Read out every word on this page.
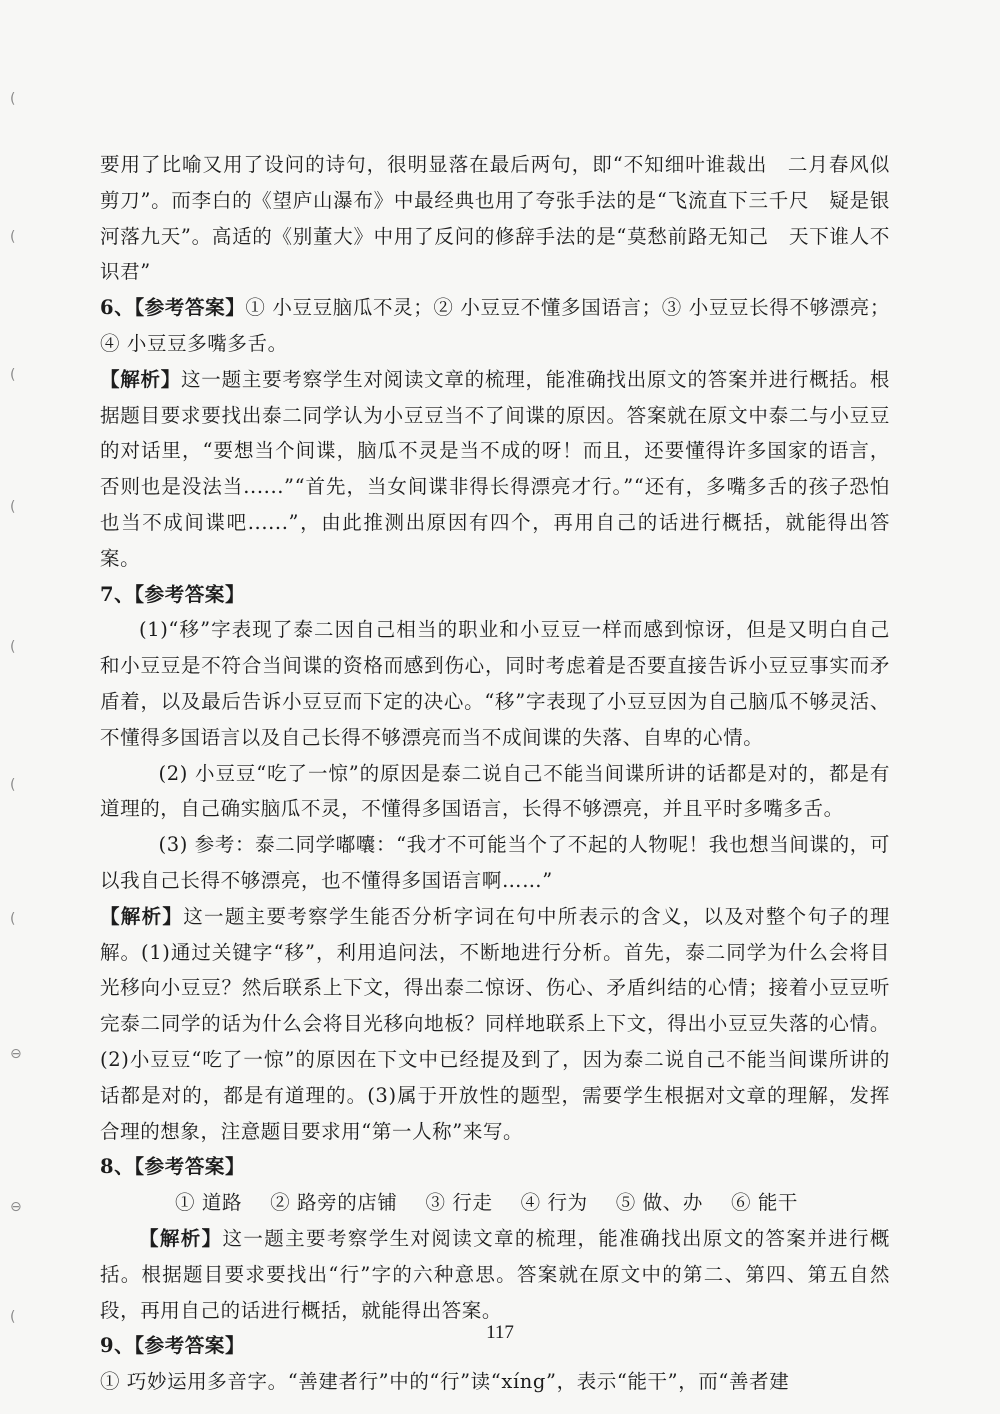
(
(
(
(
(
(
(
⊖
⊖
(

要用了比喻又用了设问的诗句，很明显落在最后两句，即“不知细叶谁裁出　二月春风似剪刀”。而李白的《望庐山瀑布》中最经典也用了夸张手法的是“飞流直下三千尺　疑是银河落九天”。高适的《别董大》中用了反问的修辞手法的是“莫愁前路无知己　天下谁人不识君”

6、【参考答案】① 小豆豆脑瓜不灵；② 小豆豆不懂多国语言；③ 小豆豆长得不够漂亮； ④ 小豆豆多嘴多舌。

【解析】这一题主要考察学生对阅读文章的梳理，能准确找出原文的答案并进行概括。根据题目要求要找出泰二同学认为小豆豆当不了间谍的原因。答案就在原文中泰二与小豆豆的对话里，“要想当个间谍，脑瓜不灵是当不成的呀！而且，还要懂得许多国家的语言，否则也是没法当......”“首先，当女间谍非得长得漂亮才行。”“还有，多嘴多舌的孩子恐怕也当不成间谍吧......”，由此推测出原因有四个，再用自己的话进行概括，就能得出答案。

7、【参考答案】

(1)“移”字表现了泰二因自己相当的职业和小豆豆一样而感到惊讶，但是又明白自己和小豆豆是不符合当间谍的资格而感到伤心，同时考虑着是否要直接告诉小豆豆事实而矛盾着，以及最后告诉小豆豆而下定的决心。“移”字表现了小豆豆因为自己脑瓜不够灵活、不懂得多国语言以及自己长得不够漂亮而当不成间谍的失落、自卑的心情。

(2) 小豆豆“吃了一惊”的原因是泰二说自己不能当间谍所讲的话都是对的，都是有道理的，自己确实脑瓜不灵，不懂得多国语言，长得不够漂亮，并且平时多嘴多舌。

(3) 参考：泰二同学嘟囔：“我才不可能当个了不起的人物呢！我也想当间谍的，可以我自己长得不够漂亮，也不懂得多国语言啊……”

【解析】这一题主要考察学生能否分析字词在句中所表示的含义，以及对整个句子的理解。(1)通过关键字“移”，利用追问法，不断地进行分析。首先，泰二同学为什么会将目光移向小豆豆？然后联系上下文，得出泰二惊讶、伤心、矛盾纠结的心情；接着小豆豆听完泰二同学的话为什么会将目光移向地板？同样地联系上下文，得出小豆豆失落的心情。 (2)小豆豆“吃了一惊”的原因在下文中已经提及到了，因为泰二说自己不能当间谍所讲的话都是对的，都是有道理的。(3)属于开放性的题型，需要学生根据对文章的理解，发挥合理的想象，注意题目要求用“第一人称”来写。

8、【参考答案】

① 道路 ② 路旁的店铺 ③ 行走 ④ 行为 ⑤ 做、办 ⑥ 能干

【解析】这一题主要考察学生对阅读文章的梳理，能准确找出原文的答案并进行概括。根据题目要求要找出“行”字的六种意思。答案就在原文中的第二、第四、第五自然段，再用自己的话进行概括，就能得出答案。

9、【参考答案】

① 巧妙运用多音字。“善建者行”中的“行”读“xíng”，表示“能干”，而“善者建

117
